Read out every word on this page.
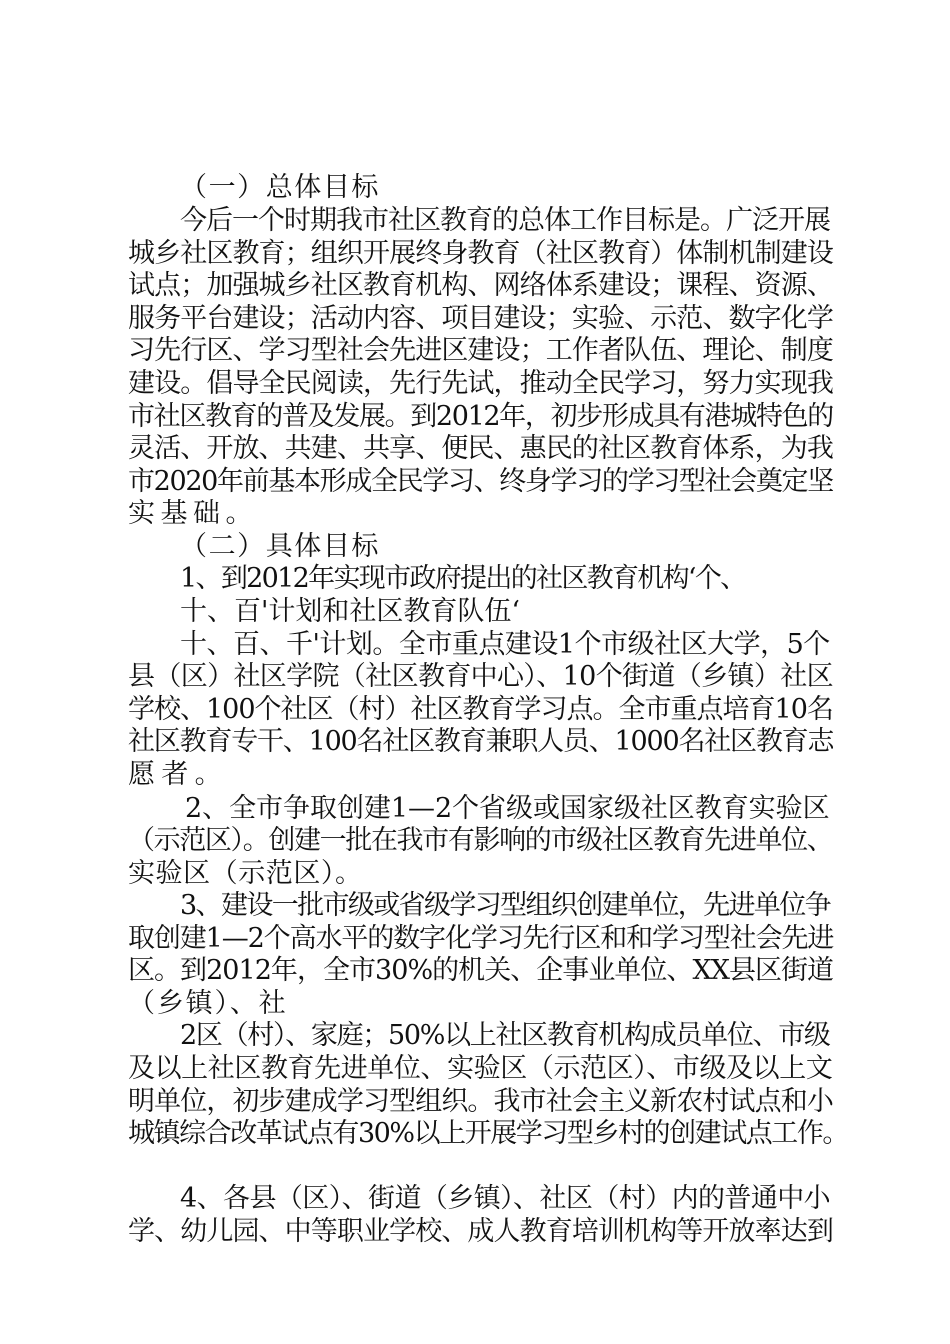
（一）总体目标
今后一个时期我市社区教育的总体工作目标是。广泛开展
城乡社区教育；组织开展终身教育（社区教育）体制机制建设
试点；加强城乡社区教育机构、网络体系建设；课程、资源、
服务平台建设；活动内容、项目建设；实验、示范、数字化学
习先行区、学习型社会先进区建设；工作者队伍、理论、制度
建设。倡导全民阅读，先行先试，推动全民学习，努力实现我
市社区教育的普及发展。到2012年，初步形成具有港城特色的
灵活、开放、共建、共享、便民、惠民的社区教育体系，为我
市2020年前基本形成全民学习、终身学习的学习型社会奠定坚
实基础。
（二）具体目标
1、到2012年实现市政府提出的社区教育机构‘个、
十、百'计划和社区教育队伍‘
十、百、千'计划。全市重点建设1个市级社区大学，5个
县（区）社区学院（社区教育中心）、10个街道（乡镇）社区
学校、100个社区（村）社区教育学习点。全市重点培育10名
社区教育专干、100名社区教育兼职人员、1000名社区教育志
愿者。
2、全市争取创建1—2个省级或国家级社区教育实验区
（示范区）。创建一批在我市有影响的市级社区教育先进单位、
实验区（示范区）。
3、建设一批市级或省级学习型组织创建单位，先进单位争
取创建1—2个高水平的数字化学习先行区和和学习型社会先进
区。到2012年，全市30%的机关、企事业单位、XX县区街道
（乡镇）、社
2区（村）、家庭；50%以上社区教育机构成员单位、市级
及以上社区教育先进单位、实验区（示范区）、市级及以上文
明单位，初步建成学习型组织。我市社会主义新农村试点和小
城镇综合改革试点有30%以上开展学习型乡村的创建试点工作。
4、各县（区）、街道（乡镇）、社区（村）内的普通中小
学、幼儿园、中等职业学校、成人教育培训机构等开放率达到
